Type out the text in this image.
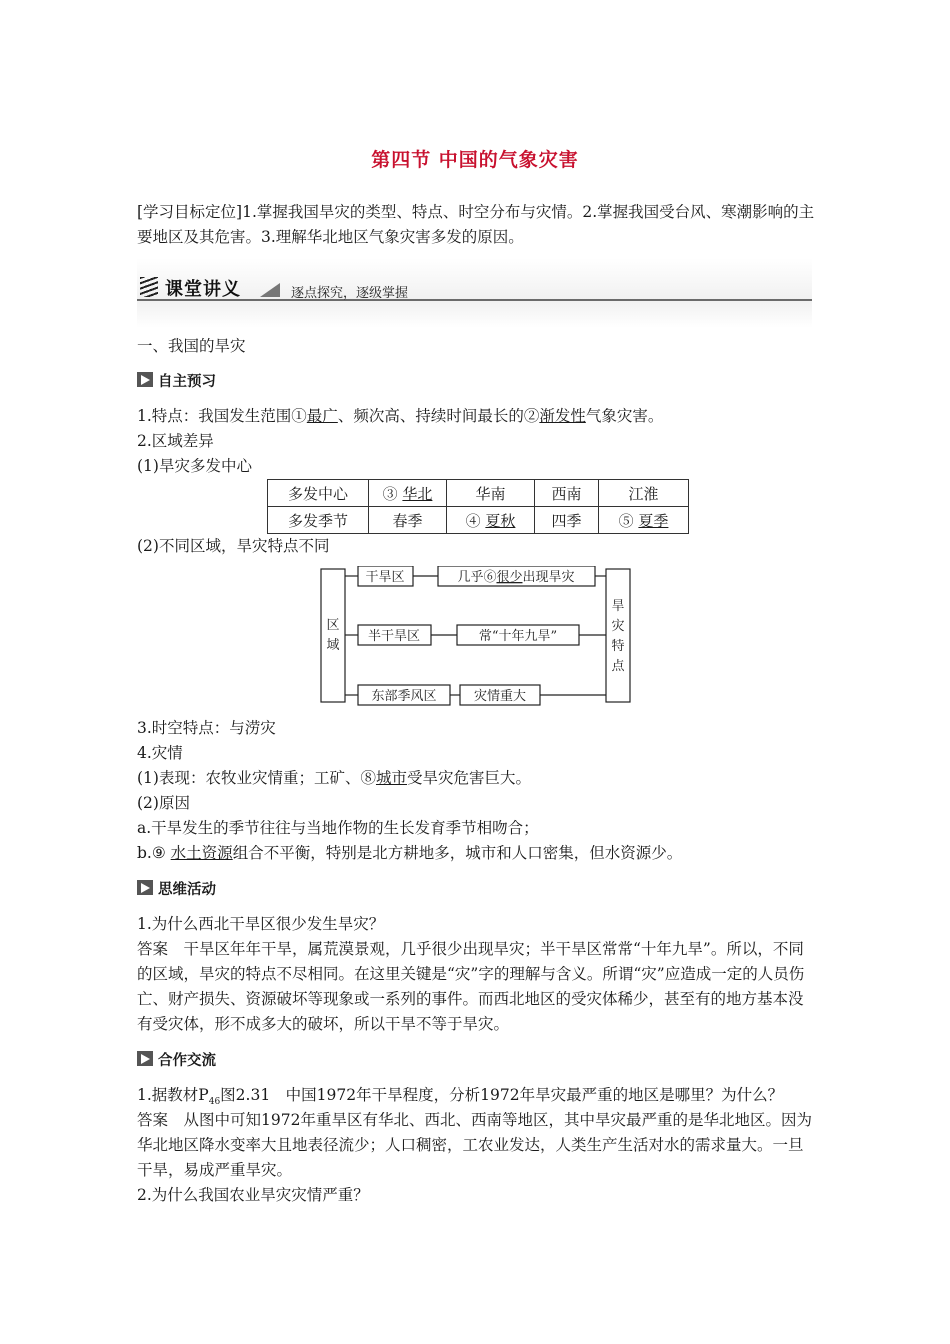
第四节 中国的气象灾害
[学习目标定位]1.掌握我国旱灾的类型、特点、时空分布与灾情。2.掌握我国受台风、寒潮影响的主要地区及其危害。3.理解华北地区气象灾害多发的原因。
课堂讲义	逐点探究，逐级掌握
一、我国的旱灾
自主预习
1.特点：我国发生范围①最广、频次高、持续时间最长的②渐发性气象灾害。
2.区域差异
(1)旱灾多发中心
多发中心	③ 华北	华南	西南	江淮
多发季节	春季	④ 夏秋	四季	⑤ 夏季
(2)不同区域，旱灾特点不同
区
域
旱
灾
特
点
干旱区	几乎⑥很少出现旱灾
半干旱区	常“十年九旱”
东部季风区	灾情重大
3.时空特点：与涝灾
4.灾情
(1)表现：农牧业灾情重；工矿、⑧城市受旱灾危害巨大。
(2)原因
a.干旱发生的季节往往与当地作物的生长发育季节相吻合；
b.⑨ 水土资源组合不平衡，特别是北方耕地多，城市和人口密集，但水资源少。
思维活动
1.为什么西北干旱区很少发生旱灾？
答案　干旱区年年干旱，属荒漠景观，几乎很少出现旱灾；半干旱区常常“十年九旱”。所以，不同的区域，旱灾的特点不尽相同。在这里关键是“灾”字的理解与含义。所谓“灾”应造成一定的人员伤亡、财产损失、资源破坏等现象或一系列的事件。而西北地区的受灾体稀少，甚至有的地方基本没有受灾体，形不成多大的破坏，所以干旱不等于旱灾。
合作交流
1.据教材$P_{46}$图2.31　中国1972年干旱程度，分析1972年旱灾最严重的地区是哪里？为什么？
答案　从图中可知1972年重旱区有华北、西北、西南等地区，其中旱灾最严重的是华北地区。因为华北地区降水变率大且地表径流少；人口稠密，工农业发达，人类生产生活对水的需求量大。一旦干旱，易成严重旱灾。
2.为什么我国农业旱灾灾情严重？
